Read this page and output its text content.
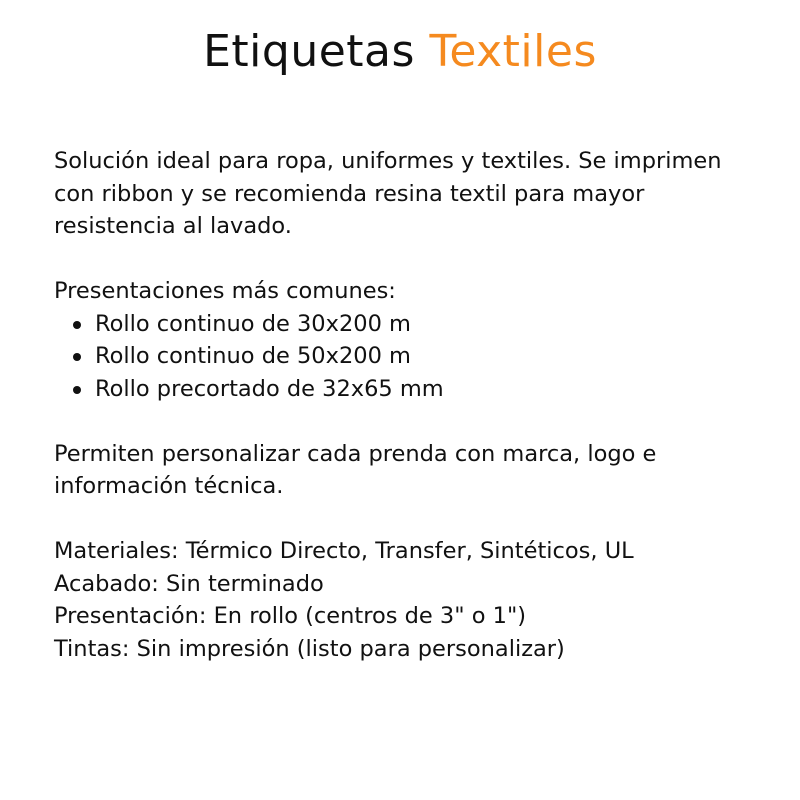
Etiquetas Textiles

Solución ideal para ropa, uniformes y textiles. Se imprimen

con ribbon y se recomienda resina textil para mayor

resistencia al lavado.

Presentaciones más comunes:

Rollo continuo de 30x200 m
Rollo continuo de 50x200 m
Rollo precortado de 32x65 mm

Permiten personalizar cada prenda con marca, logo e

información técnica.

Materiales: Térmico Directo, Transfer, Sintéticos, UL

Acabado: Sin terminado

Presentación: En rollo (centros de 3" o 1")

Tintas: Sin impresión (listo para personalizar)
